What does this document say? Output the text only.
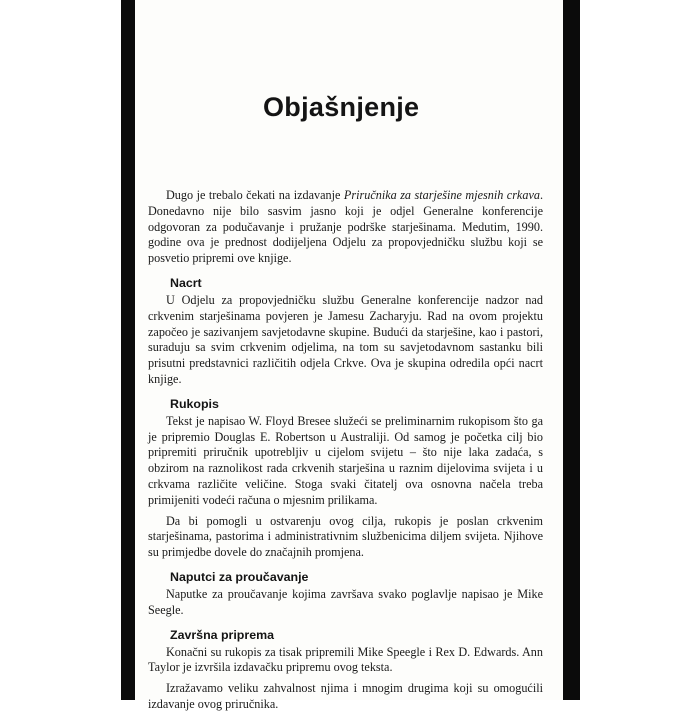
Objašnjenje

Dugo je trebalo čekati na izdavanje Priručnika za starješine mjesnih crkava. Donedavno nije bilo sasvim jasno koji je odjel Generalne konferencije odgovoran za podučavanje i pružanje podrške starješinama. Medutim, 1990. godine ova je prednost dodijeljena Odjelu za propovjedničku službu koji se posvetio pripremi ove knjige.

Nacrt

U Odjelu za propovjedničku službu Generalne konferencije nadzor nad crkvenim starješinama povjeren je Jamesu Zacharyju. Rad na ovom projektu započeo je sazivanjem savjetodavne skupine. Budući da starješine, kao i pastori, suraduju sa svim crkvenim odjelima, na tom su savjetodavnom sastanku bili prisutni predstavnici različitih odjela Crkve. Ova je skupina odredila opći nacrt knjige.

Rukopis

Tekst je napisao W. Floyd Bresee služeći se preliminarnim rukopisom što ga je pripremio Douglas E. Robertson u Australiji. Od samog je početka cilj bio pripremiti priručnik upotrebljiv u cijelom svijetu – što nije laka zadaća, s obzirom na raznolikost rada crkvenih starješina u raznim dijelovima svijeta i u crkvama različite veličine. Stoga svaki čitatelj ova osnovna načela treba primijeniti vodeći računa o mjesnim prilikama.

Da bi pomogli u ostvarenju ovog cilja, rukopis je poslan crkvenim starješinama, pastorima i administrativnim službenicima diljem svijeta. Njihove su primjedbe dovele do značajnih promjena.

Naputci za proučavanje

Naputke za proučavanje kojima završava svako poglavlje napisao je Mike Seegle.

Završna priprema

Konačni su rukopis za tisak pripremili Mike Speegle i Rex D. Edwards. Ann Taylor je izvršila izdavačku pripremu ovog teksta.

Izražavamo veliku zahvalnost njima i mnogim drugima koji su omogućili izdavanje ovog priručnika.
